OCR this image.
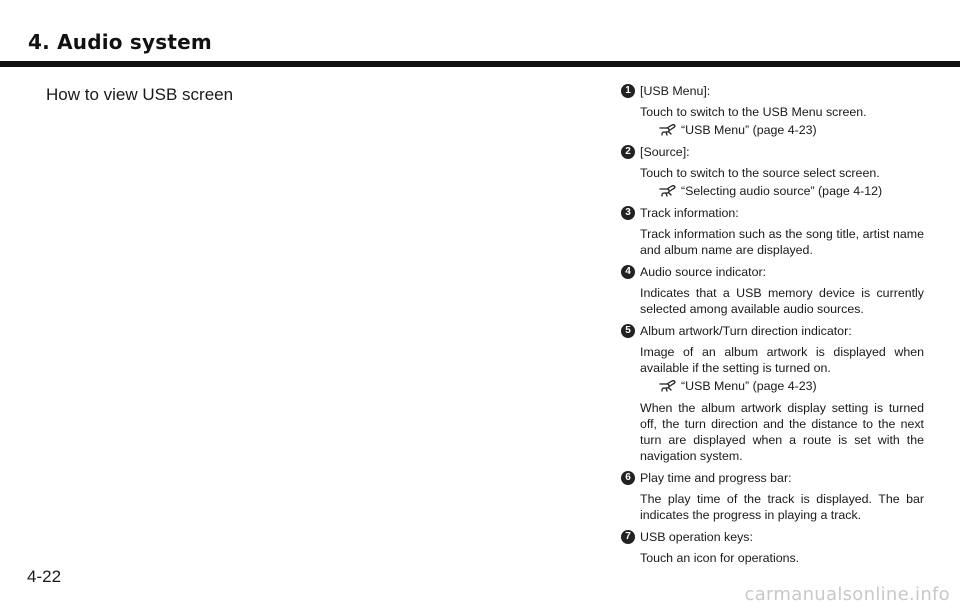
4. Audio system
How to view USB screen	1 [USB Menu]:
Touch to switch to the USB Menu screen.
“USB Menu” (page 4-23)
2 [Source]:
Touch to switch to the source select screen.
“Selecting audio source” (page 4-12)
3 Track information:
Track information such as the song title, artist name and album name are displayed.
4 Audio source indicator:
Indicates that a USB memory device is currently selected among available audio sources.
5 Album artwork/Turn direction indicator:
Image of an album artwork is displayed when available if the setting is turned on.
“USB Menu” (page 4-23)
When the album artwork display setting is turned off, the turn direction and the distance to the next turn are displayed when a route is set with the navigation system.
6 Play time and progress bar:
The play time of the track is displayed. The bar indicates the progress in playing a track.
7 USB operation keys:
Touch an icon for operations.
4-22
carmanualsonline.info
